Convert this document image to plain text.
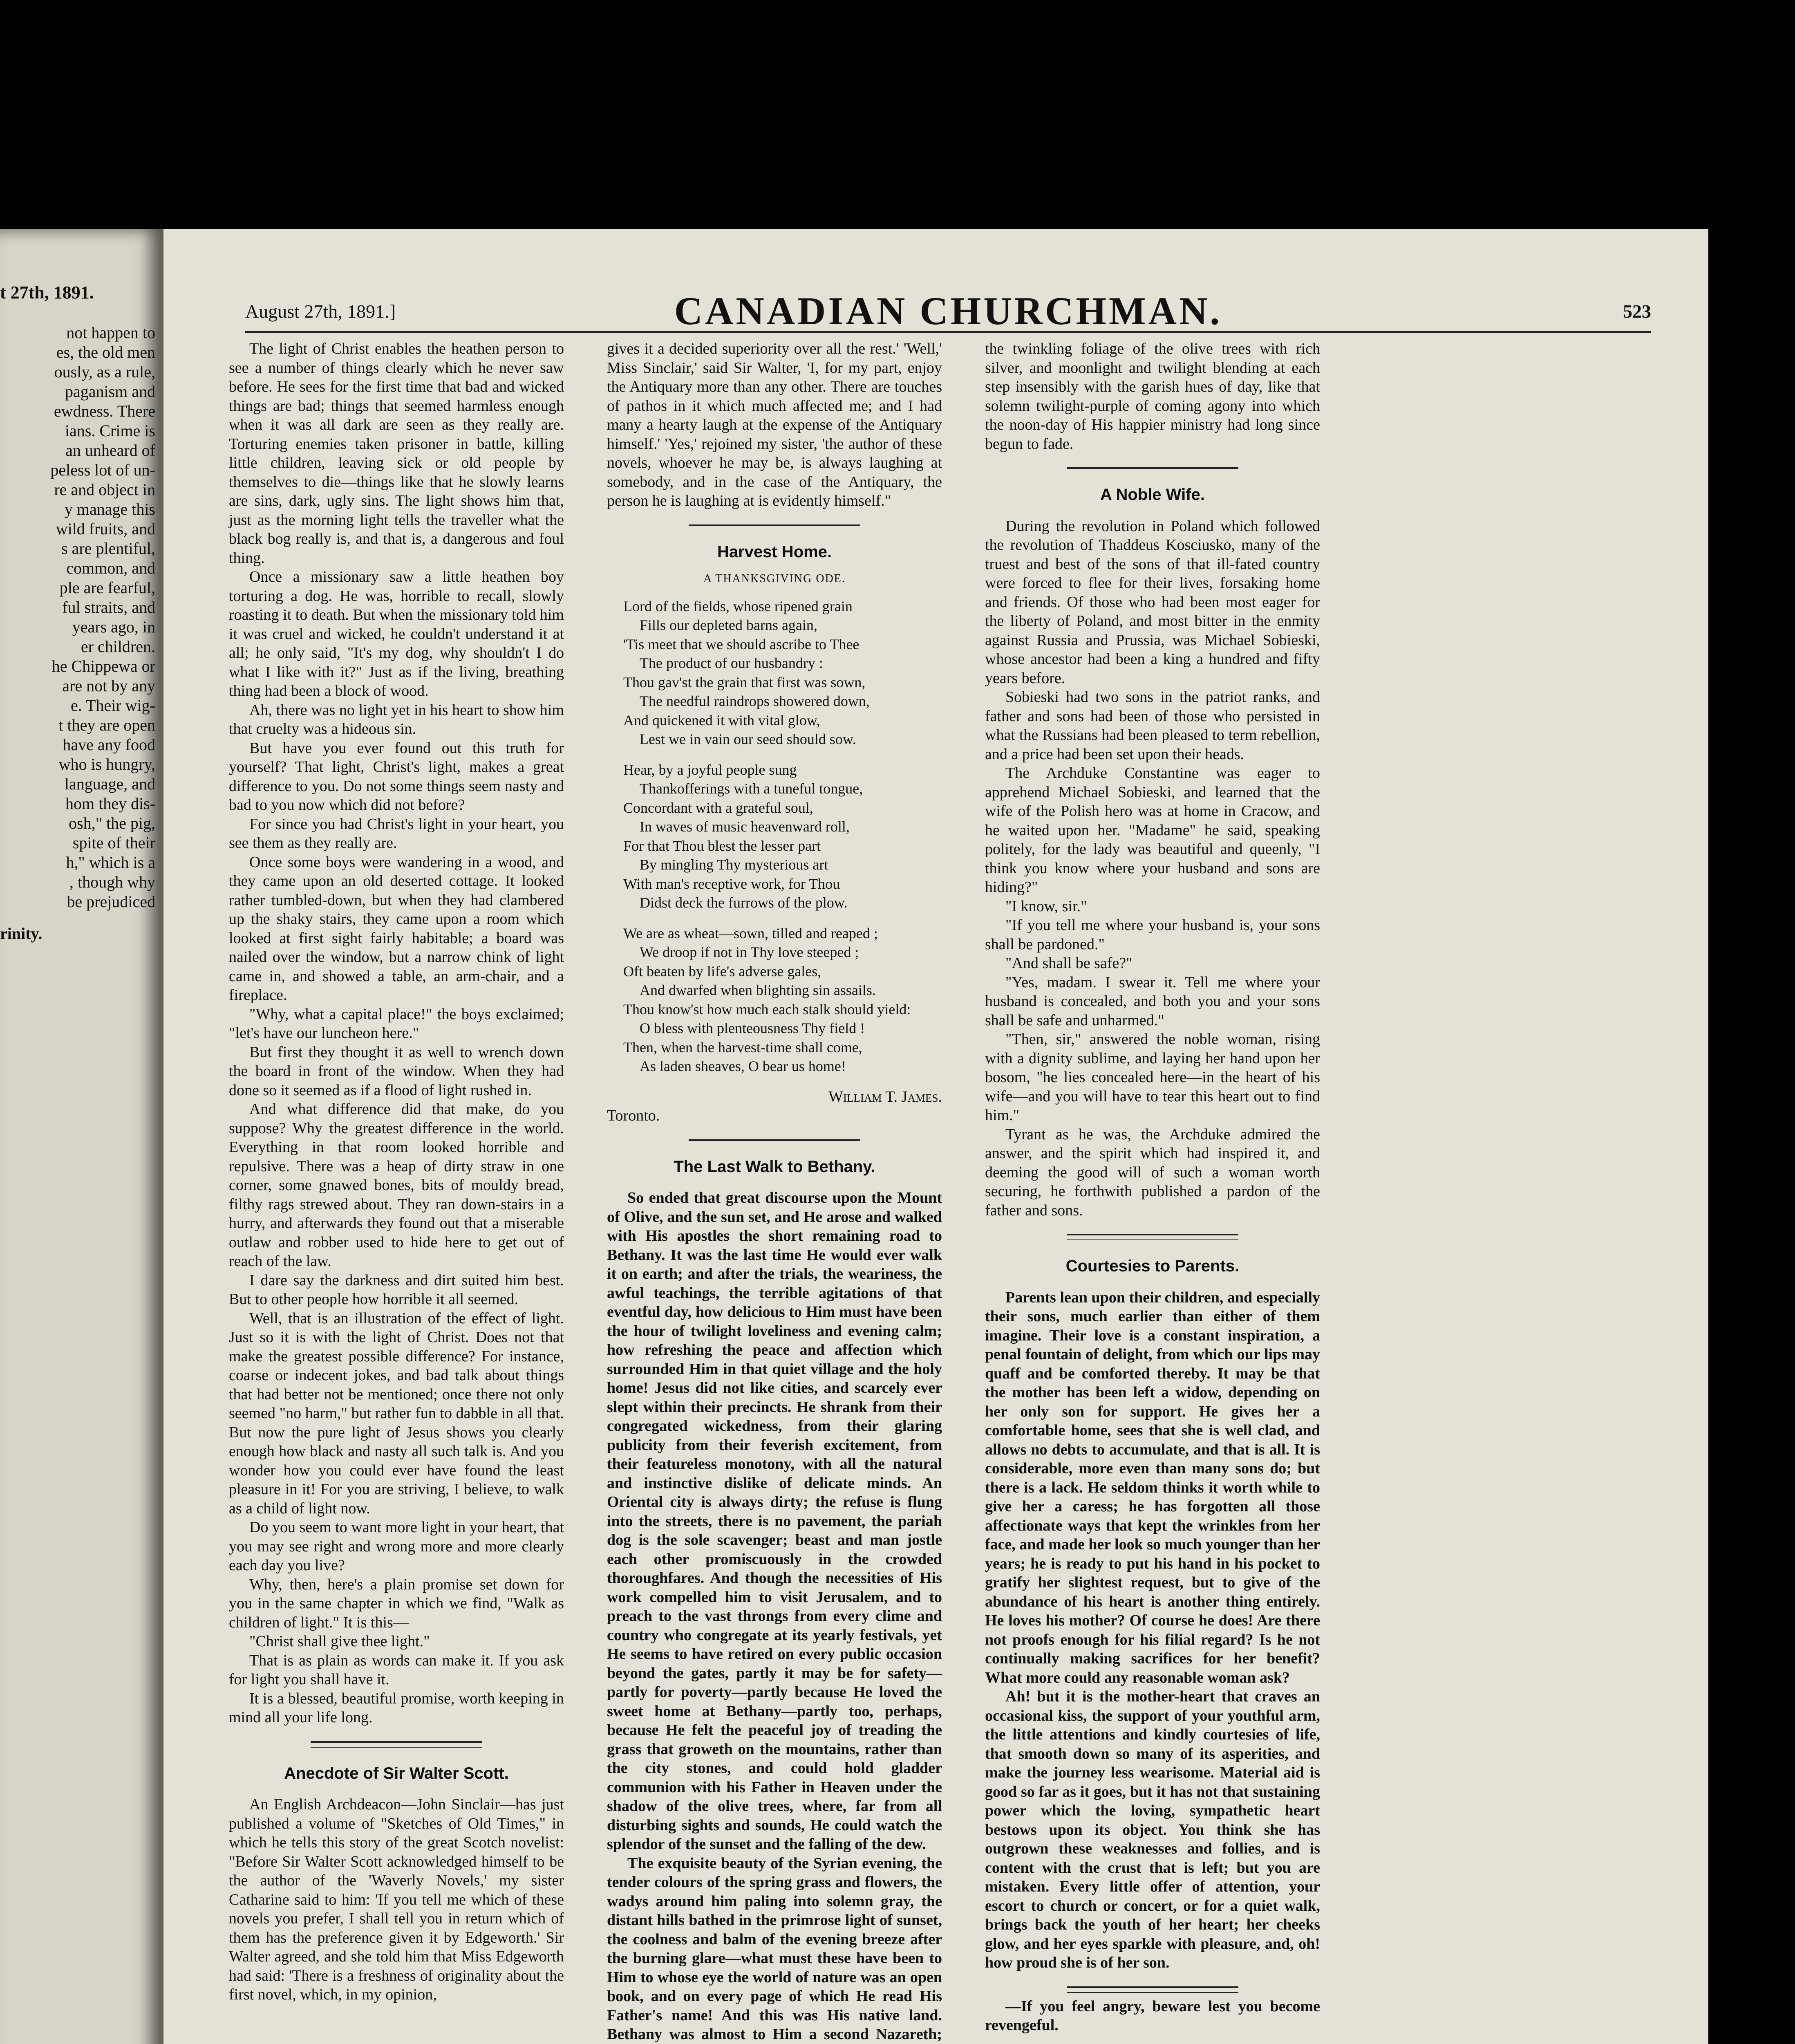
t 27th, 1891.
not happen to
es, the old men
ously, as a rule,
paganism and
ewdness. There
ians. Crime is
an unheard of
peless lot of un-
re and object in
y manage this
wild fruits, and
s are plentiful,
common, and
ple are fearful,
ful straits, and
years ago, in
er children.
he Chippewa or
are not by any
e. Their wig-
t they are open
have any food
who is hungry,
language, and
hom they dis-
osh," the pig,
spite of their
h," which is a
, though why
be prejudiced
rinity.
August 27th, 1891.]	CANADIAN CHURCHMAN.	523

The light of Christ enables the heathen person to see a number of things clearly which he never saw before. He sees for the first time that bad and wicked things are bad; things that seemed harmless enough when it was all dark are seen as they really are. Torturing enemies taken prisoner in battle, killing little children, leaving sick or old people by themselves to die—things like that he slowly learns are sins, dark, ugly sins. The light shows him that, just as the morning light tells the traveller what the black bog really is, and that is, a dangerous and foul thing.

Once a missionary saw a little heathen boy torturing a dog. He was, horrible to recall, slowly roasting it to death. But when the missionary told him it was cruel and wicked, he couldn't understand it at all; he only said, "It's my dog, why shouldn't I do what I like with it?" Just as if the living, breathing thing had been a block of wood.

Ah, there was no light yet in his heart to show him that cruelty was a hideous sin.

But have you ever found out this truth for yourself? That light, Christ's light, makes a great difference to you. Do not some things seem nasty and bad to you now which did not before?

For since you had Christ's light in your heart, you see them as they really are.

Once some boys were wandering in a wood, and they came upon an old deserted cottage. It looked rather tumbled-down, but when they had clambered up the shaky stairs, they came upon a room which looked at first sight fairly habitable; a board was nailed over the window, but a narrow chink of light came in, and showed a table, an arm-chair, and a fireplace.

"Why, what a capital place!" the boys exclaimed; "let's have our luncheon here."

But first they thought it as well to wrench down the board in front of the window. When they had done so it seemed as if a flood of light rushed in.

And what difference did that make, do you suppose? Why the greatest difference in the world. Everything in that room looked horrible and repulsive. There was a heap of dirty straw in one corner, some gnawed bones, bits of mouldy bread, filthy rags strewed about. They ran down-stairs in a hurry, and afterwards they found out that a miserable outlaw and robber used to hide here to get out of reach of the law.

I dare say the darkness and dirt suited him best. But to other people how horrible it all seemed.

Well, that is an illustration of the effect of light. Just so it is with the light of Christ. Does not that make the greatest possible difference? For instance, coarse or indecent jokes, and bad talk about things that had better not be mentioned; once there not only seemed "no harm," but rather fun to dabble in all that. But now the pure light of Jesus shows you clearly enough how black and nasty all such talk is. And you wonder how you could ever have found the least pleasure in it! For you are striving, I believe, to walk as a child of light now.

Do you seem to want more light in your heart, that you may see right and wrong more and more clearly each day you live?

Why, then, here's a plain promise set down for you in the same chapter in which we find, "Walk as children of light." It is this—

"Christ shall give thee light."

That is as plain as words can make it. If you ask for light you shall have it.

It is a blessed, beautiful promise, worth keeping in mind all your life long.

Anecdote of Sir Walter Scott.

An English Archdeacon—John Sinclair—has just published a volume of "Sketches of Old Times," in which he tells this story of the great Scotch novelist: "Before Sir Walter Scott acknowledged himself to be the author of the 'Waverly Novels,' my sister Catharine said to him: 'If you tell me which of these novels you prefer, I shall tell you in return which of them has the preference given it by Edgeworth.' Sir Walter agreed, and she told him that Miss Edgeworth had said: 'There is a freshness of originality about the first novel, which, in my opinion,

gives it a decided superiority over all the rest.' 'Well,' Miss Sinclair,' said Sir Walter, 'I, for my part, enjoy the Antiquary more than any other. There are touches of pathos in it which much affected me; and I had many a hearty laugh at the expense of the Antiquary himself.' 'Yes,' rejoined my sister, 'the author of these novels, whoever he may be, is always laughing at somebody, and in the case of the Antiquary, the person he is laughing at is evidently himself."

Harvest Home.
A THANKSGIVING ODE.
Lord of the fields, whose ripened grain
Fills our depleted barns again,
'Tis meet that we should ascribe to Thee
The product of our husbandry :
Thou gav'st the grain that first was sown,
The needful raindrops showered down,
And quickened it with vital glow,
Lest we in vain our seed should sow.
Hear, by a joyful people sung
Thankofferings with a tuneful tongue,
Concordant with a grateful soul,
In waves of music heavenward roll,
For that Thou blest the lesser part
By mingling Thy mysterious art
With man's receptive work, for Thou
Didst deck the furrows of the plow.
We are as wheat—sown, tilled and reaped ;
We droop if not in Thy love steeped ;
Oft beaten by life's adverse gales,
And dwarfed when blighting sin assails.
Thou know'st how much each stalk should yield:
O bless with plenteousness Thy field !
Then, when the harvest-time shall come,
As laden sheaves, O bear us home!
William T. James.
Toronto.
The Last Walk to Bethany.

So ended that great discourse upon the Mount of Olive, and the sun set, and He arose and walked with His apostles the short remaining road to Bethany. It was the last time He would ever walk it on earth; and after the trials, the weariness, the awful teachings, the terrible agitations of that eventful day, how delicious to Him must have been the hour of twilight loveliness and evening calm; how refreshing the peace and affection which surrounded Him in that quiet village and the holy home! Jesus did not like cities, and scarcely ever slept within their precincts. He shrank from their congregated wickedness, from their glaring publicity from their feverish excitement, from their featureless monotony, with all the natural and instinctive dislike of delicate minds. An Oriental city is always dirty; the refuse is flung into the streets, there is no pavement, the pariah dog is the sole scavenger; beast and man jostle each other promiscuously in the crowded thoroughfares. And though the necessities of His work compelled him to visit Jerusalem, and to preach to the vast throngs from every clime and country who congregate at its yearly festivals, yet He seems to have retired on every public occasion beyond the gates, partly it may be for safety—partly for poverty—partly because He loved the sweet home at Bethany—partly too, perhaps, because He felt the peaceful joy of treading the grass that groweth on the mountains, rather than the city stones, and could hold gladder communion with his Father in Heaven under the shadow of the olive trees, where, far from all disturbing sights and sounds, He could watch the splendor of the sunset and the falling of the dew.

The exquisite beauty of the Syrian evening, the tender colours of the spring grass and flowers, the wadys around him paling into solemn gray, the distant hills bathed in the primrose light of sunset, the coolness and balm of the evening breeze after the burning glare—what must these have been to Him to whose eye the world of nature was an open book, and on every page of which He read His Father's name! And this was His native land. Bethany was almost to Him a second Nazareth;

the twinkling foliage of the olive trees with rich silver, and moonlight and twilight blending at each step insensibly with the garish hues of day, like that solemn twilight-purple of coming agony into which the noon-day of His happier ministry had long since begun to fade.

A Noble Wife.

During the revolution in Poland which followed the revolution of Thaddeus Kosciusko, many of the truest and best of the sons of that ill-fated country were forced to flee for their lives, forsaking home and friends. Of those who had been most eager for the liberty of Poland, and most bitter in the enmity against Russia and Prussia, was Michael Sobieski, whose ancestor had been a king a hundred and fifty years before.

Sobieski had two sons in the patriot ranks, and father and sons had been of those who persisted in what the Russians had been pleased to term rebellion, and a price had been set upon their heads.

The Archduke Constantine was eager to apprehend Michael Sobieski, and learned that the wife of the Polish hero was at home in Cracow, and he waited upon her. "Madame" he said, speaking politely, for the lady was beautiful and queenly, "I think you know where your husband and sons are hiding?"

"I know, sir."

"If you tell me where your husband is, your sons shall be pardoned."

"And shall be safe?"

"Yes, madam. I swear it. Tell me where your husband is concealed, and both you and your sons shall be safe and unharmed."

"Then, sir," answered the noble woman, rising with a dignity sublime, and laying her hand upon her bosom, "he lies concealed here—in the heart of his wife—and you will have to tear this heart out to find him."

Tyrant as he was, the Archduke admired the answer, and the spirit which had inspired it, and deeming the good will of such a woman worth securing, he forthwith published a pardon of the father and sons.

Courtesies to Parents.

Parents lean upon their children, and especially their sons, much earlier than either of them imagine. Their love is a constant inspiration, a penal fountain of delight, from which our lips may quaff and be comforted thereby. It may be that the mother has been left a widow, depending on her only son for support. He gives her a comfortable home, sees that she is well clad, and allows no debts to accumulate, and that is all. It is considerable, more even than many sons do; but there is a lack. He seldom thinks it worth while to give her a caress; he has forgotten all those affectionate ways that kept the wrinkles from her face, and made her look so much younger than her years; he is ready to put his hand in his pocket to gratify her slightest request, but to give of the abundance of his heart is another thing entirely. He loves his mother? Of course he does! Are there not proofs enough for his filial regard? Is he not continually making sacrifices for her benefit? What more could any reasonable woman ask?

Ah! but it is the mother-heart that craves an occasional kiss, the support of your youthful arm, the little attentions and kindly courtesies of life, that smooth down so many of its asperities, and make the journey less wearisome. Material aid is good so far as it goes, but it has not that sustaining power which the loving, sympathetic heart bestows upon its object. You think she has outgrown these weaknesses and follies, and is content with the crust that is left; but you are mistaken. Every little offer of attention, your escort to church or concert, or for a quiet walk, brings back the youth of her heart; her cheeks glow, and her eyes sparkle with pleasure, and, oh! how proud she is of her son.

—If you feel angry, beware lest you become revengeful.
